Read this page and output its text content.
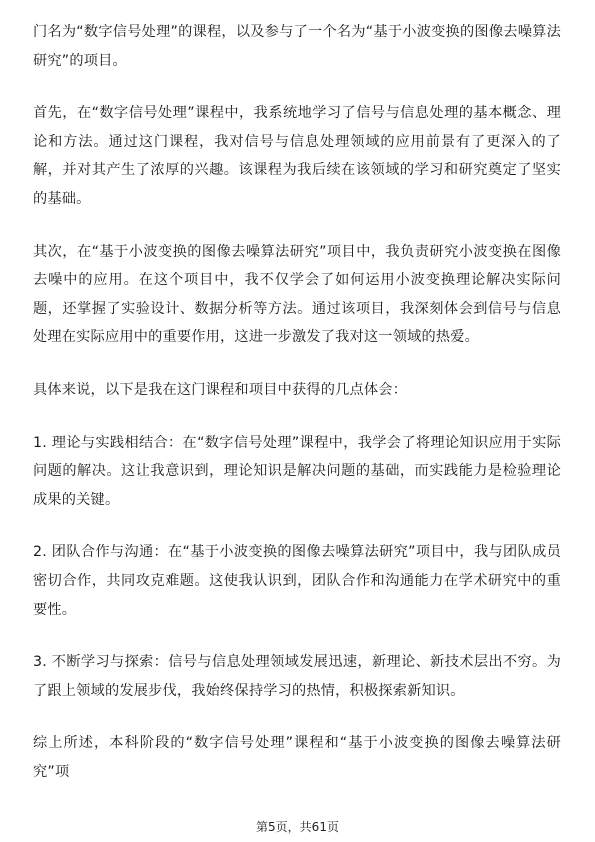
门名为“数字信号处理”的课程，以及参与了一个名为“基于小波变换的图像去噪算法研究”的项目。

首先，在“数字信号处理”课程中，我系统地学习了信号与信息处理的基本概念、理论和方法。通过这门课程，我对信号与信息处理领域的应用前景有了更深入的了解，并对其产生了浓厚的兴趣。该课程为我后续在该领域的学习和研究奠定了坚实的基础。

其次，在“基于小波变换的图像去噪算法研究”项目中，我负责研究小波变换在图像去噪中的应用。在这个项目中，我不仅学会了如何运用小波变换理论解决实际问题，还掌握了实验设计、数据分析等方法。通过该项目，我深刻体会到信号与信息处理在实际应用中的重要作用，这进一步激发了我对这一领域的热爱。

具体来说，以下是我在这门课程和项目中获得的几点体会：

1. 理论与实践相结合：在“数字信号处理”课程中，我学会了将理论知识应用于实际问题的解决。这让我意识到，理论知识是解决问题的基础，而实践能力是检验理论成果的关键。

2. 团队合作与沟通：在“基于小波变换的图像去噪算法研究”项目中，我与团队成员密切合作，共同攻克难题。这使我认识到，团队合作和沟通能力在学术研究中的重要性。

3. 不断学习与探索：信号与信息处理领域发展迅速，新理论、新技术层出不穷。为了跟上领域的发展步伐，我始终保持学习的热情，积极探索新知识。

综上所述，本科阶段的“数字信号处理”课程和“基于小波变换的图像去噪算法研究”项

第5页，共61页
